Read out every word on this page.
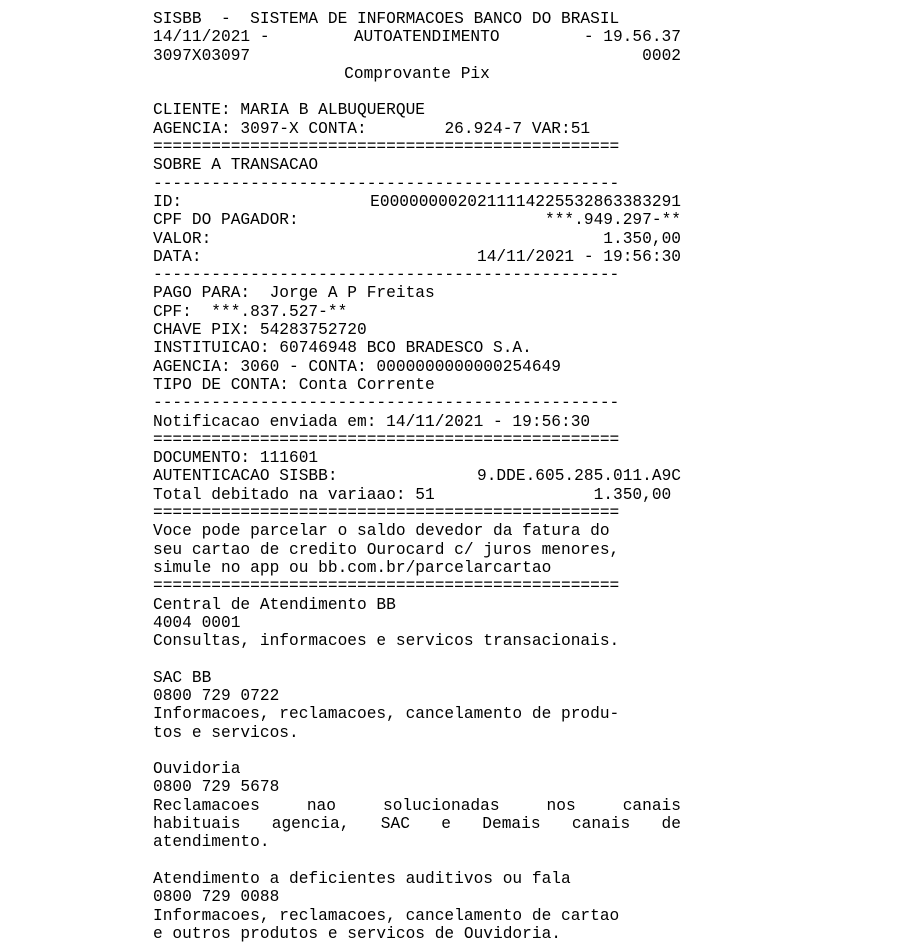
SISBB  -  SISTEMA DE INFORMACOES BANCO DO BRASIL
14/11/2021 -	AUTOATENDIMENTO	- 19.56.37
3097X03097	0002
Comprovante Pix
CLIENTE: MARIA B ALBUQUERQUE
AGENCIA: 3097-X CONTA:	26.924-7 VAR:51
================================================
SOBRE A TRANSACAO
------------------------------------------------
ID:	E0000000020211114225532863383291
CPF DO PAGADOR:	***.949.297-**
VALOR:	1.350,00
DATA:	14/11/2021 - 19:56:30
------------------------------------------------
PAGO PARA:  Jorge A P Freitas
CPF:  ***.837.527-**
CHAVE PIX: 54283752720
INSTITUICAO: 60746948 BCO BRADESCO S.A.
AGENCIA: 3060 - CONTA: 0000000000000254649
TIPO DE CONTA: Conta Corrente
------------------------------------------------
Notificacao enviada em: 14/11/2021 - 19:56:30
================================================
DOCUMENTO: 111601
AUTENTICACAO SISBB:	9.DDE.605.285.011.A9C
Total debitado na variaao: 51	1.350,00
================================================
Voce pode parcelar o saldo devedor da fatura do
seu cartao de credito Ourocard c/ juros menores,
simule no app ou bb.com.br/parcelarcartao
================================================
Central de Atendimento BB
4004 0001
Consultas, informacoes e servicos transacionais.
SAC BB
0800 729 0722
Informacoes, reclamacoes, cancelamento de produ-
tos e servicos.
Ouvidoria
0800 729 5678
Reclamacoes	nao	solucionadas	nos	canais
habituais agencia, SAC e Demais canais de
atendimento.
Atendimento a deficientes auditivos ou fala
0800 729 0088
Informacoes, reclamacoes, cancelamento de cartao
e outros produtos e servicos de Ouvidoria.
